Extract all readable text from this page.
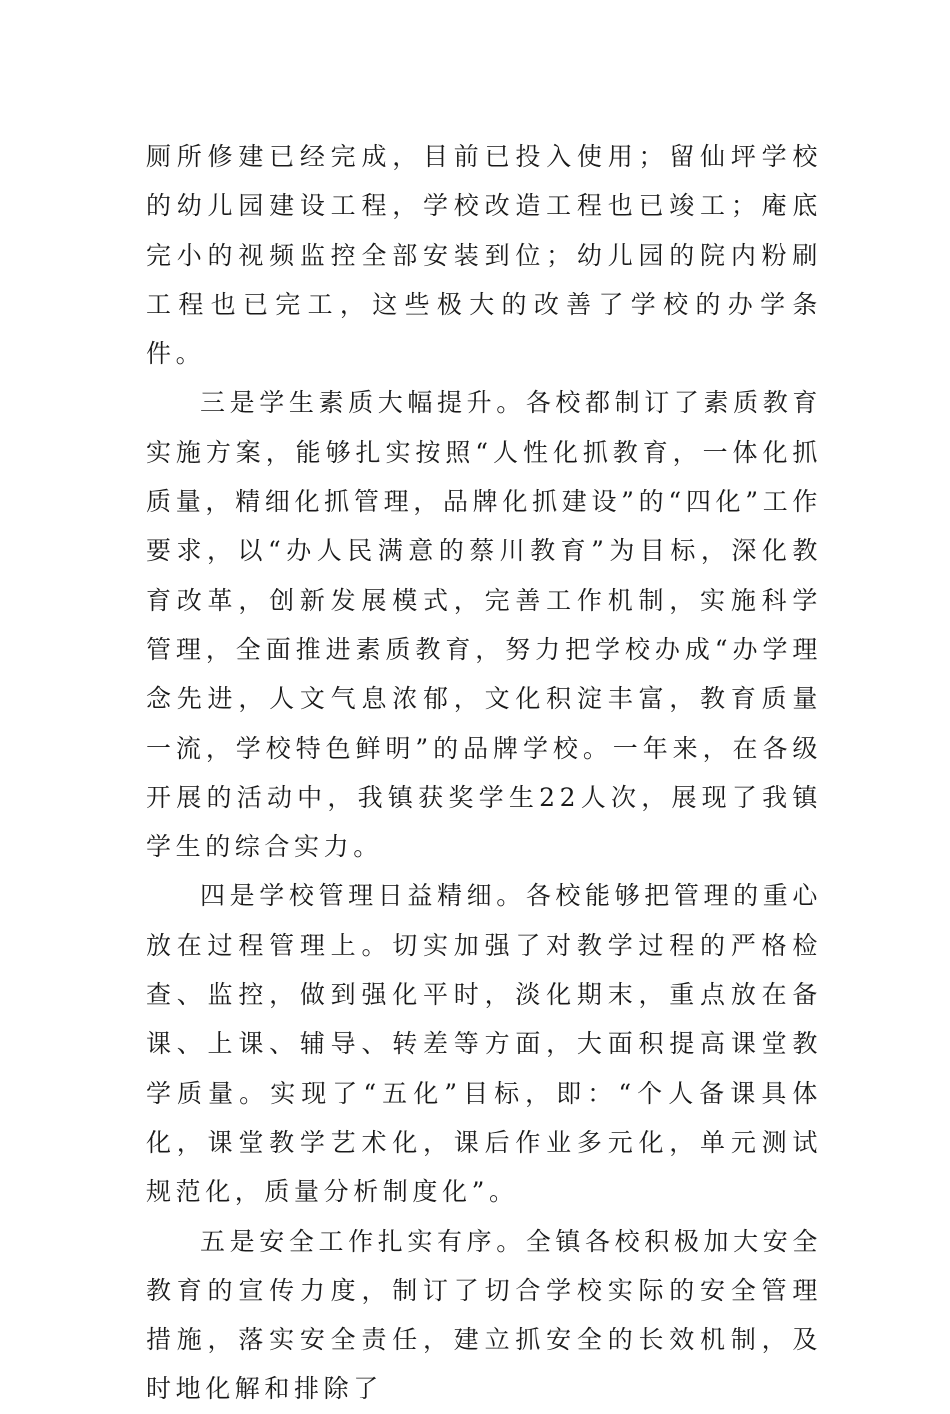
厕所修建已经完成，目前已投入使用；留仙坪学校的幼儿园建设工程，学校改造工程也已竣工；庵底完小的视频监控全部安装到位；幼儿园的院内粉刷工程也已完工，这些极大的改善了学校的办学条件。

三是学生素质大幅提升。各校都制订了素质教育实施方案，能够扎实按照“人性化抓教育，一体化抓质量，精细化抓管理，品牌化抓建设”的“四化”工作要求，以“办人民满意的蔡川教育”为目标，深化教育改革，创新发展模式，完善工作机制，实施科学管理，全面推进素质教育，努力把学校办成“办学理念先进，人文气息浓郁，文化积淀丰富，教育质量一流，学校特色鲜明”的品牌学校。一年来，在各级开展的活动中，我镇获奖学生22人次，展现了我镇学生的综合实力。

四是学校管理日益精细。各校能够把管理的重心放在过程管理上。切实加强了对教学过程的严格检查、监控，做到强化平时，淡化期末，重点放在备课、上课、辅导、转差等方面，大面积提高课堂教学质量。实现了“五化”目标，即：“个人备课具体化，课堂教学艺术化，课后作业多元化，单元测试规范化，质量分析制度化”。

五是安全工作扎实有序。全镇各校积极加大安全教育的宣传力度，制订了切合学校实际的安全管理措施，落实安全责任，建立抓安全的长效机制，及时地化解和排除了
